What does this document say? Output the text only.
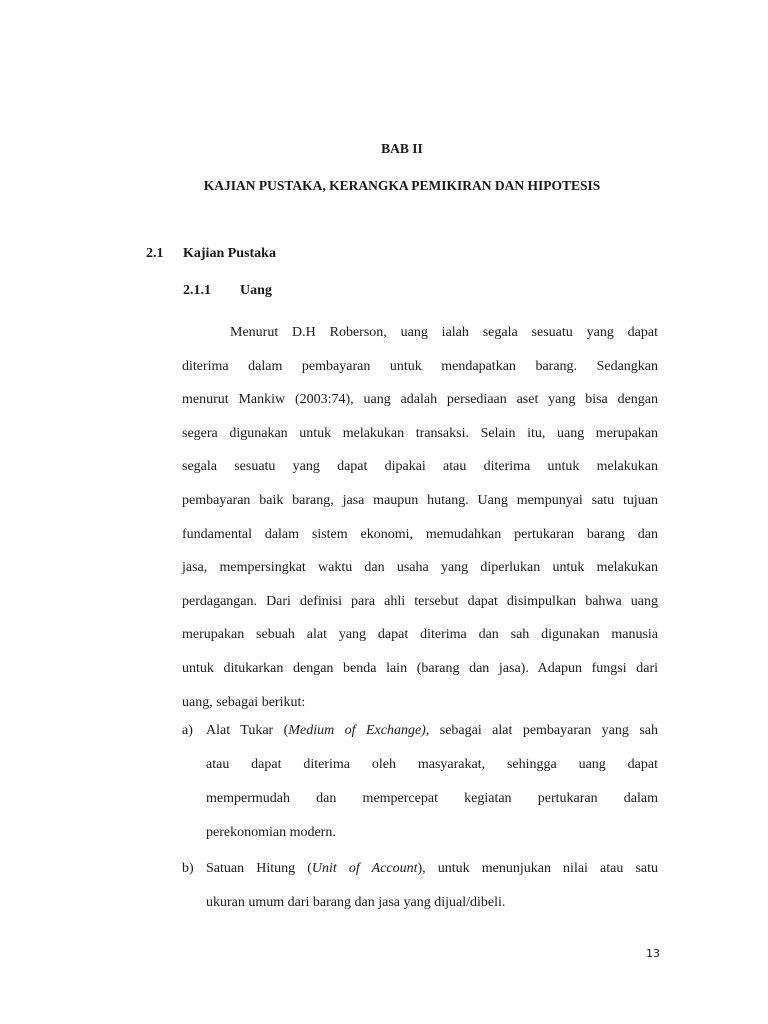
BAB II
KAJIAN PUSTAKA, KERANGKA PEMIKIRAN DAN HIPOTESIS
2.1 Kajian Pustaka
2.1.1 Uang
Menurut D.H Roberson, uang ialah segala sesuatu yang dapat
diterima dalam pembayaran untuk mendapatkan barang. Sedangkan
menurut Mankiw (2003:74), uang adalah persediaan aset yang bisa dengan
segera digunakan untuk melakukan transaksi. Selain itu, uang merupakan
segala sesuatu yang dapat dipakai atau diterima untuk melakukan
pembayaran baik barang, jasa maupun hutang. Uang mempunyai satu tujuan
fundamental dalam sistem ekonomi, memudahkan pertukaran barang dan
jasa, mempersingkat waktu dan usaha yang diperlukan untuk melakukan
perdagangan. Dari definisi para ahli tersebut dapat disimpulkan bahwa uang
merupakan sebuah alat yang dapat diterima dan sah digunakan manusia
untuk ditukarkan dengan benda lain (barang dan jasa). Adapun fungsi dari
uang, sebagai berikut:
a) Alat Tukar (Medium of Exchange), sebagai alat pembayaran yang sah
atau dapat diterima oleh masyarakat, sehingga uang dapat
mempermudah dan mempercepat kegiatan pertukaran dalam
perekonomian modern.
b) Satuan Hitung (Unit of Account), untuk menunjukan nilai atau satu
ukuran umum dari barang dan jasa yang dijual/dibeli.
13
